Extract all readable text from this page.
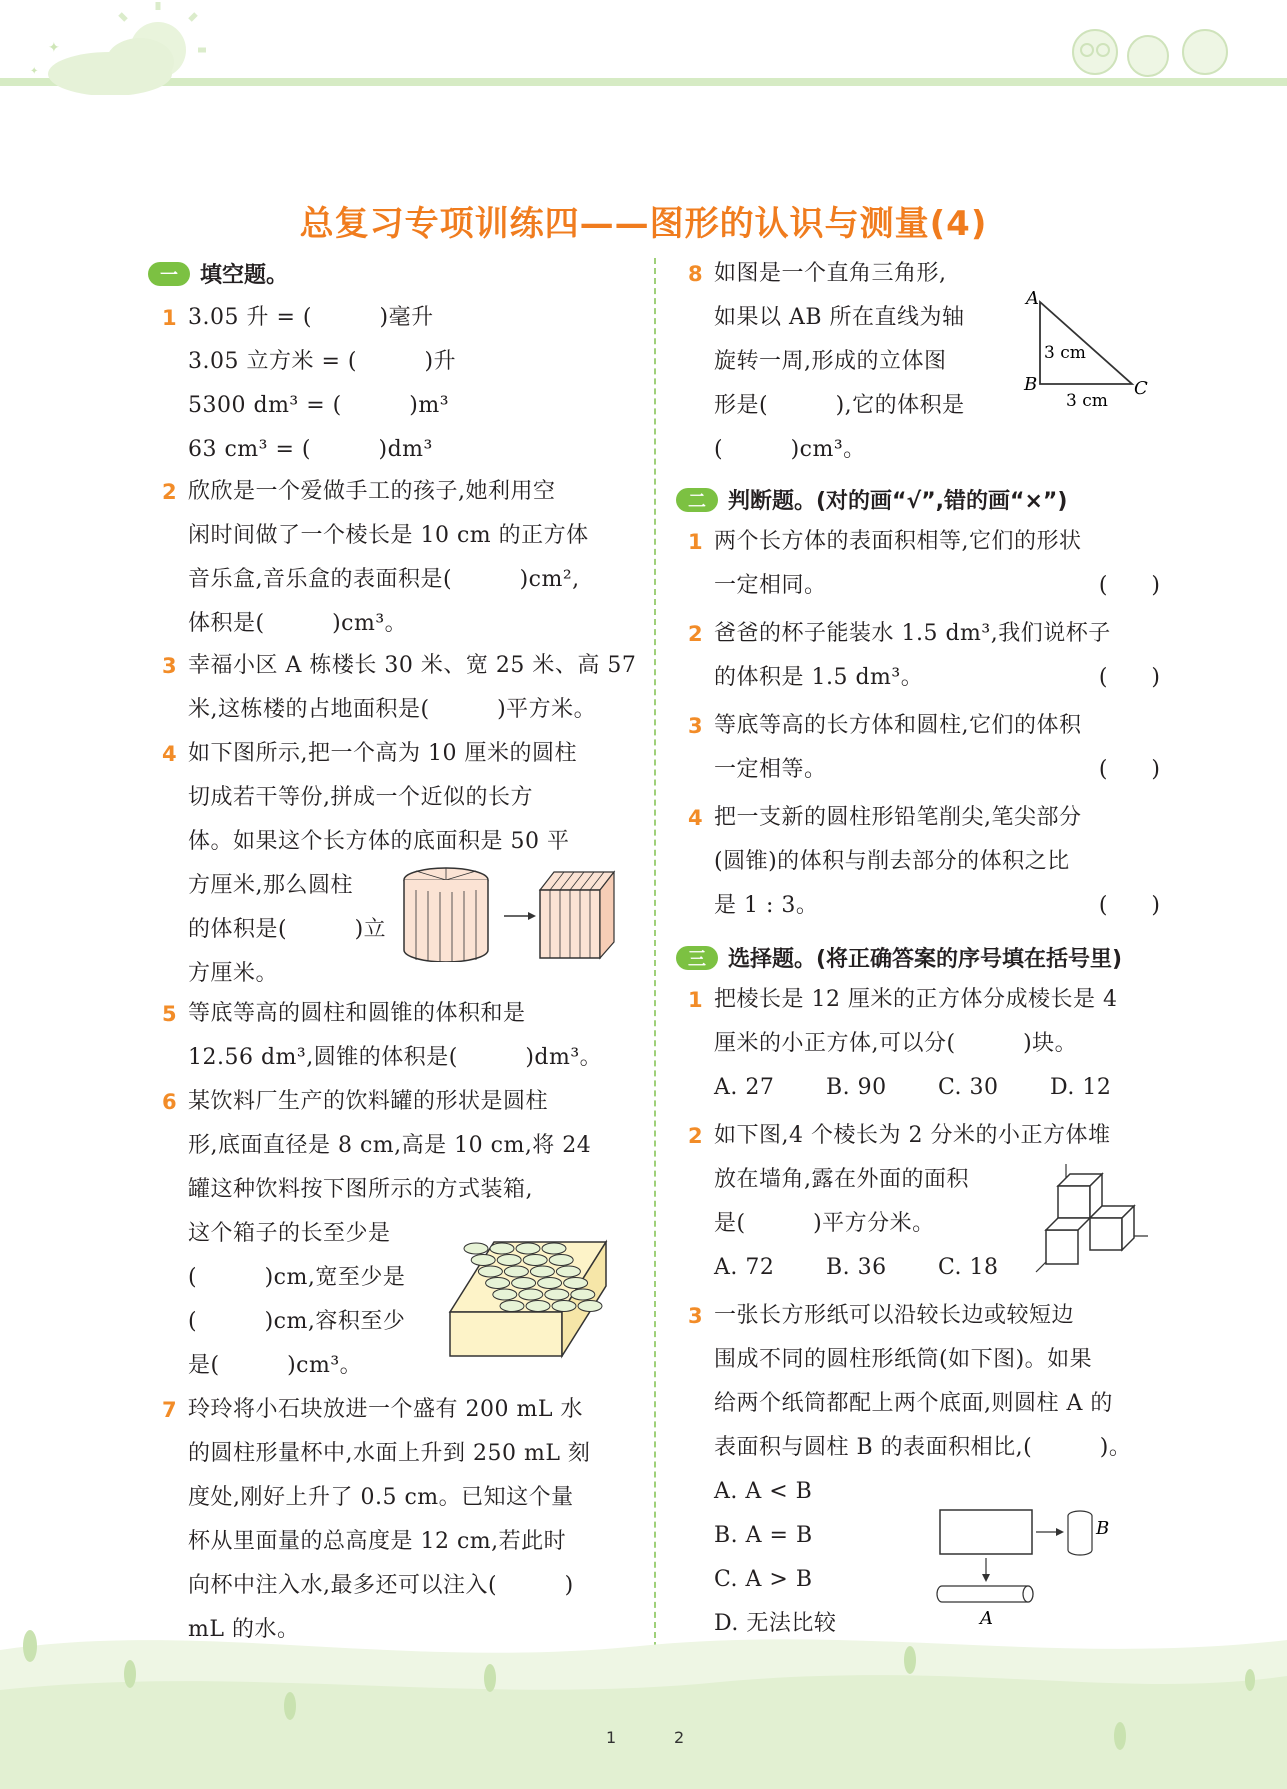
✦
✦
总复习专项训练四——图形的认识与测量(4)
一	填空题。
1 3.05 升 = (　　　)毫升
3.05 立方米 = (　　　)升
5300 dm³ = (　　　)m³
63 cm³ = (　　　)dm³
2 欣欣是一个爱做手工的孩子,她利用空
闲时间做了一个棱长是 10 cm 的正方体
音乐盒,音乐盒的表面积是(　　　)cm²,
体积是(　　　)cm³。
3 幸福小区 A 栋楼长 30 米、宽 25 米、高 57
米,这栋楼的占地面积是(　　　)平方米。
4 如下图所示,把一个高为 10 厘米的圆柱
切成若干等份,拼成一个近似的长方
体。如果这个长方体的底面积是 50 平
方厘米,那么圆柱
的体积是(　　　)立
方厘米。
5 等底等高的圆柱和圆锥的体积和是
12.56 dm³,圆锥的体积是(　　　)dm³。
6 某饮料厂生产的饮料罐的形状是圆柱
形,底面直径是 8 cm,高是 10 cm,将 24
罐这种饮料按下图所示的方式装箱,
这个箱子的长至少是
(　　　)cm,宽至少是
(　　　)cm,容积至少
是(　　　)cm³。
7 玲玲将小石块放进一个盛有 200 mL 水
的圆柱形量杯中,水面上升到 250 mL 刻
度处,刚好上升了 0.5 cm。已知这个量
杯从里面量的总高度是 12 cm,若此时
向杯中注入水,最多还可以注入(　　　)
mL 的水。
8 如图是一个直角三角形,
如果以 AB 所在直线为轴
旋转一周,形成的立体图
形是(　　　),它的体积是
(　　　)cm³。
A
B	C
3 cm
3 cm
二	判断题。(对的画“√”,错的画“×”)
1 两个长方体的表面积相等,它们的形状
一定相同。	(　　)
2 爸爸的杯子能装水 1.5 dm³,我们说杯子
的体积是 1.5 dm³。	(　　)
3 等底等高的长方体和圆柱,它们的体积
一定相等。	(　　)
4 把一支新的圆柱形铅笔削尖,笔尖部分
(圆锥)的体积与削去部分的体积之比
是 1 : 3。	(　　)
三	选择题。(将正确答案的序号填在括号里)
1 把棱长是 12 厘米的正方体分成棱长是 4
厘米的小正方体,可以分(　　　)块。
A. 27 B. 90 C. 30 D. 12
2 如下图,4 个棱长为 2 分米的小正方体堆
放在墙角,露在外面的面积
是(　　　)平方分米。
A. 72 B. 36 C. 18
3 一张长方形纸可以沿较长边或较短边
围成不同的圆柱形纸筒(如下图)。如果
给两个纸筒都配上两个底面,则圆柱 A 的
表面积与圆柱 B 的表面积相比,(　　　)。
A. A < B
B. A = B
C. A > B
D. 无法比较
B
A
1	2
